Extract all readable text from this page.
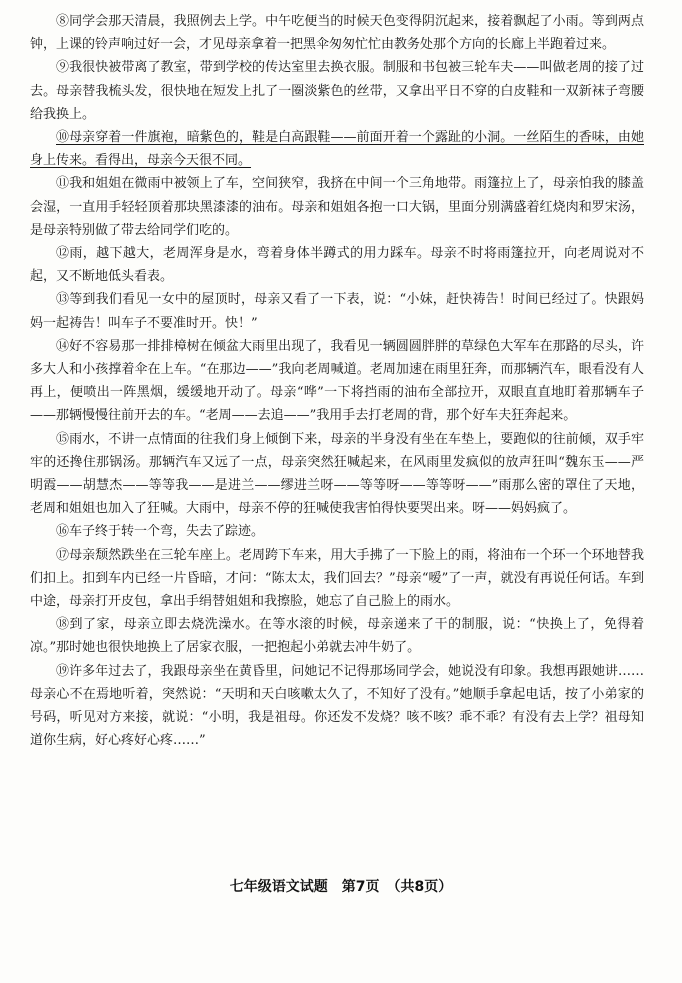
⑧同学会那天清晨，我照例去上学。中午吃便当的时候天色变得阴沉起来，接着飘起了小雨。等到两点钟，上课的铃声响过好一会，才见母亲拿着一把黑伞匆匆忙忙由教务处那个方向的长廊上半跑着过来。

⑨我很快被带离了教室，带到学校的传达室里去换衣服。制服和书包被三轮车夫——叫做老周的接了过去。母亲替我梳头发，很快地在短发上扎了一圈淡紫色的丝带，又拿出平日不穿的白皮鞋和一双新袜子弯腰给我换上。

⑩母亲穿着一件旗袍，暗紫色的，鞋是白高跟鞋——前面开着一个露趾的小洞。一丝陌生的香味，由她身上传来。看得出，母亲今天很不同。

⑪我和姐姐在微雨中被领上了车，空间狭窄，我挤在中间一个三角地带。雨篷拉上了，母亲怕我的膝盖会湿，一直用手轻轻顶着那块黑漆漆的油布。母亲和姐姐各抱一口大锅，里面分别满盛着红烧肉和罗宋汤，是母亲特别做了带去给同学们吃的。

⑫雨，越下越大，老周浑身是水，弯着身体半蹲式的用力踩车。母亲不时将雨篷拉开，向老周说对不起，又不断地低头看表。

⑬等到我们看见一女中的屋顶时，母亲又看了一下表，说：“小妹，赶快祷告！时间已经过了。快跟妈妈一起祷告！叫车子不要准时开。快！”

⑭好不容易那一排排樟树在倾盆大雨里出现了，我看见一辆圆圆胖胖的草绿色大军车在那路的尽头，许多大人和小孩撑着伞在上车。“在那边——”我向老周喊道。老周加速在雨里狂奔，而那辆汽车，眼看没有人再上，便喷出一阵黑烟，缓缓地开动了。母亲“哗”一下将挡雨的油布全部拉开，双眼直直地盯着那辆车子——那辆慢慢往前开去的车。“老周——去追——”我用手去打老周的背，那个好车夫狂奔起来。

⑮雨水，不讲一点情面的往我们身上倾倒下来，母亲的半身没有坐在车垫上，要跑似的往前倾，双手牢牢的还搀住那锅汤。那辆汽车又远了一点，母亲突然狂喊起来，在风雨里发疯似的放声狂叫“魏东玉——严明霞——胡慧杰——等等我——是进兰——缪进兰呀——等等呀——等等呀——”雨那么密的罩住了天地，老周和姐姐也加入了狂喊。大雨中，母亲不停的狂喊使我害怕得快要哭出来。呀——妈妈疯了。

⑯车子终于转一个弯，失去了踪迹。

⑰母亲颓然跌坐在三轮车座上。老周跨下车来，用大手拂了一下脸上的雨，将油布一个环一个环地替我们扣上。扣到车内已经一片昏暗，才问：“陈太太，我们回去？”母亲“嗳”了一声，就没有再说任何话。车到中途，母亲打开皮包，拿出手绢替姐姐和我擦脸，她忘了自己脸上的雨水。

⑱到了家，母亲立即去烧洗澡水。在等水滚的时候，母亲递来了干的制服，说：“快换上了，免得着凉。”那时她也很快地换上了居家衣服，一把抱起小弟就去冲牛奶了。

⑲许多年过去了，我跟母亲坐在黄昏里，问她记不记得那场同学会，她说没有印象。我想再跟她讲……母亲心不在焉地听着，突然说：“天明和天白咳嗽太久了，不知好了没有。”她顺手拿起电话，按了小弟家的号码，听见对方来接，就说：“小明，我是祖母。你还发不发烧？咳不咳？乖不乖？有没有去上学？祖母知道你生病，好心疼好心疼……”

七年级语文试题　第7页　（共8页）
